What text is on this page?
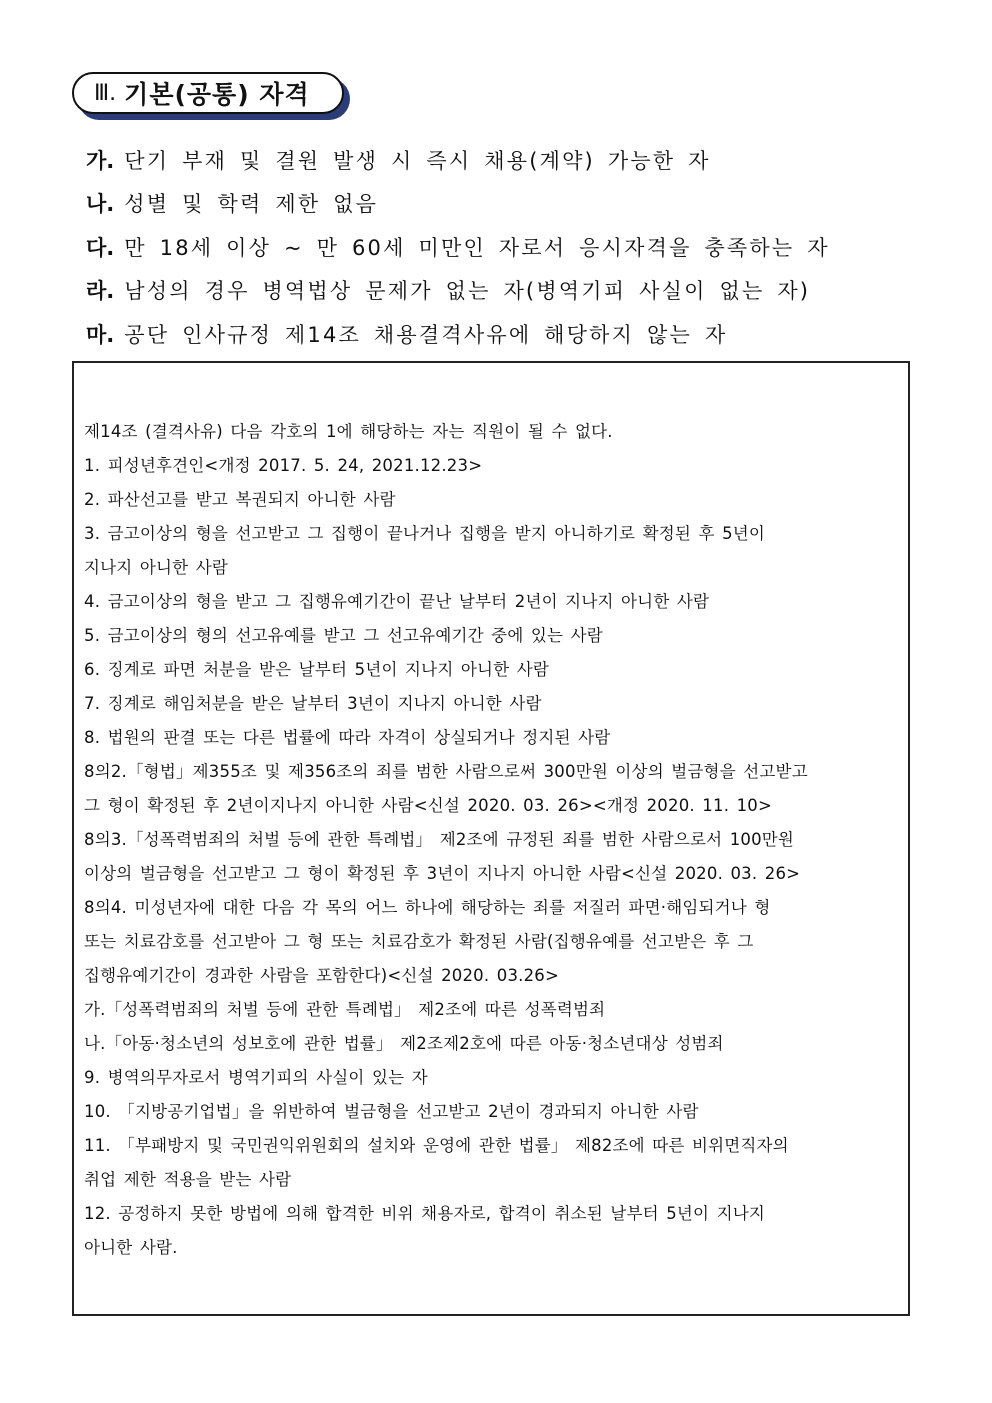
Ⅲ. 기본(공통) 자격
가. 단기 부재 및 결원 발생 시 즉시 채용(계약) 가능한 자
나. 성별 및 학력 제한 없음
다. 만 18세 이상 ~ 만 60세 미만인 자로서 응시자격을 충족하는 자
라. 남성의 경우 병역법상 문제가 없는 자(병역기피 사실이 없는 자)
마. 공단 인사규정 제14조 채용결격사유에 해당하지 않는 자
제14조 (결격사유) 다음 각호의 1에 해당하는 자는 직원이 될 수 없다.
1. 피성년후견인<개정 2017. 5. 24, 2021.12.23>
2. 파산선고를 받고 복권되지 아니한 사람
3. 금고이상의 형을 선고받고 그 집행이 끝나거나 집행을 받지 아니하기로 확정된 후 5년이
지나지 아니한 사람
4. 금고이상의 형을 받고 그 집행유예기간이 끝난 날부터 2년이 지나지 아니한 사람
5. 금고이상의 형의 선고유예를 받고 그 선고유예기간 중에 있는 사람
6. 징계로 파면 처분을 받은 날부터 5년이 지나지 아니한 사람
7. 징계로 해임처분을 받은 날부터 3년이 지나지 아니한 사람
8. 법원의 판결 또는 다른 법률에 따라 자격이 상실되거나 정지된 사람
8의2.「형법」제355조 및 제356조의 죄를 범한 사람으로써 300만원 이상의 벌금형을 선고받고
그 형이 확정된 후 2년이지나지 아니한 사람<신설 2020. 03. 26><개정 2020. 11. 10>
8의3.「성폭력범죄의 처벌 등에 관한 특례법」 제2조에 규정된 죄를 범한 사람으로서 100만원
이상의 벌금형을 선고받고 그 형이 확정된 후 3년이 지나지 아니한 사람<신설 2020. 03. 26>
8의4. 미성년자에 대한 다음 각 목의 어느 하나에 해당하는 죄를 저질러 파면·해임되거나 형
또는 치료감호를 선고받아 그 형 또는 치료감호가 확정된 사람(집행유예를 선고받은 후 그
집행유예기간이 경과한 사람을 포함한다)<신설 2020. 03.26>
가.「성폭력범죄의 처벌 등에 관한 특례법」 제2조에 따른 성폭력범죄
나.「아동·청소년의 성보호에 관한 법률」 제2조제2호에 따른 아동·청소년대상 성범죄
9. 병역의무자로서 병역기피의 사실이 있는 자
10. 「지방공기업법」을 위반하여 벌금형을 선고받고 2년이 경과되지 아니한 사람
11. 「부패방지 및 국민권익위원회의 설치와 운영에 관한 법률」 제82조에 따른 비위면직자의
취업 제한 적용을 받는 사람
12. 공정하지 못한 방법에 의해 합격한 비위 채용자로, 합격이 취소된 날부터 5년이 지나지
아니한 사람.
